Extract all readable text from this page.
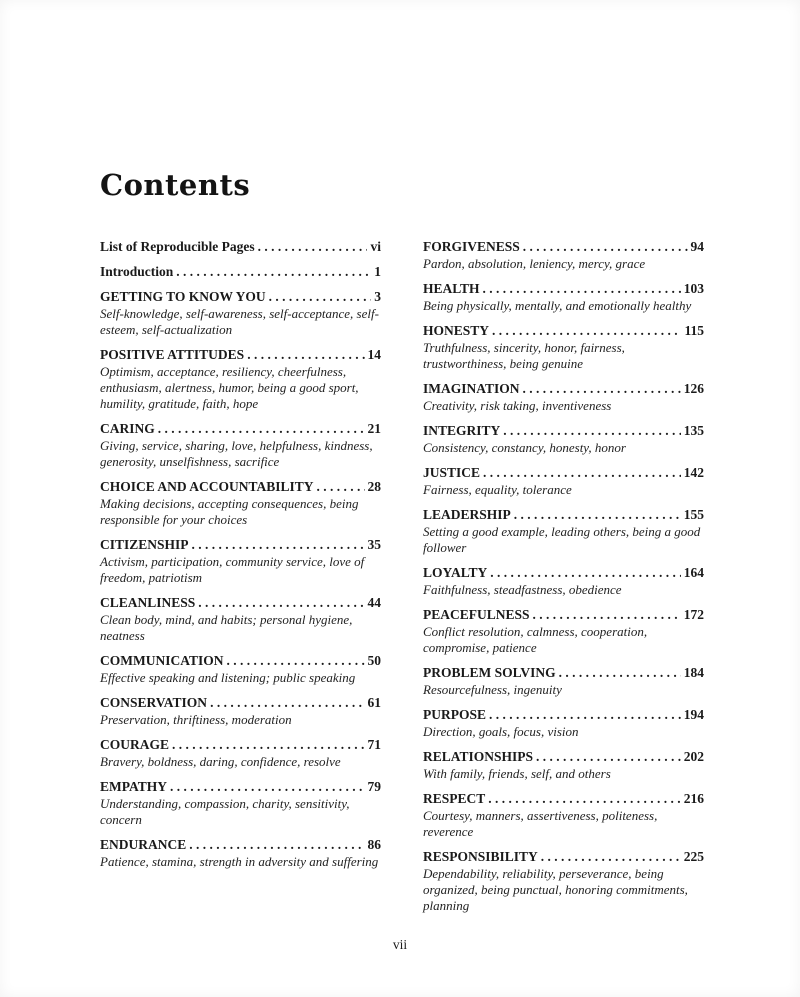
Contents
List of Reproducible Pages . . .	vi
Introduction . . .	1
GETTING TO KNOW YOU . . .	3
Self-knowledge, self-awareness, self-acceptance, self-esteem, self-actualization
POSITIVE ATTITUDES . . .	14
Optimism, acceptance, resiliency, cheerfulness, enthusiasm, alertness, humor, being a good sport, humility, gratitude, faith, hope
CARING . . .	21
Giving, service, sharing, love, helpfulness, kindness, generosity, unselfishness, sacrifice
CHOICE AND ACCOUNTABILITY . . .	28
Making decisions, accepting consequences, being responsible for your choices
CITIZENSHIP . . .	35
Activism, participation, community service, love of freedom, patriotism
CLEANLINESS . . .	44
Clean body, mind, and habits; personal hygiene, neatness
COMMUNICATION . . .	50
Effective speaking and listening; public speaking
CONSERVATION . . .	61
Preservation, thriftiness, moderation
COURAGE . . .	71
Bravery, boldness, daring, confidence, resolve
EMPATHY . . .	79
Understanding, compassion, charity, sensitivity, concern
ENDURANCE . . .	86
Patience, stamina, strength in adversity and suffering
FORGIVENESS . . .	94
Pardon, absolution, leniency, mercy, grace
HEALTH . . .	103
Being physically, mentally, and emotionally healthy
HONESTY . . .	115
Truthfulness, sincerity, honor, fairness, trustworthiness, being genuine
IMAGINATION . . .	126
Creativity, risk taking, inventiveness
INTEGRITY . . .	135
Consistency, constancy, honesty, honor
JUSTICE . . .	142
Fairness, equality, tolerance
LEADERSHIP . . .	155
Setting a good example, leading others, being a good follower
LOYALTY . . .	164
Faithfulness, steadfastness, obedience
PEACEFULNESS . . .	172
Conflict resolution, calmness, cooperation, compromise, patience
PROBLEM SOLVING . . .	184
Resourcefulness, ingenuity
PURPOSE . . .	194
Direction, goals, focus, vision
RELATIONSHIPS . . .	202
With family, friends, self, and others
RESPECT . . .	216
Courtesy, manners, assertiveness, politeness, reverence
RESPONSIBILITY . . .	225
Dependability, reliability, perseverance, being organized, being punctual, honoring commitments, planning
vii
